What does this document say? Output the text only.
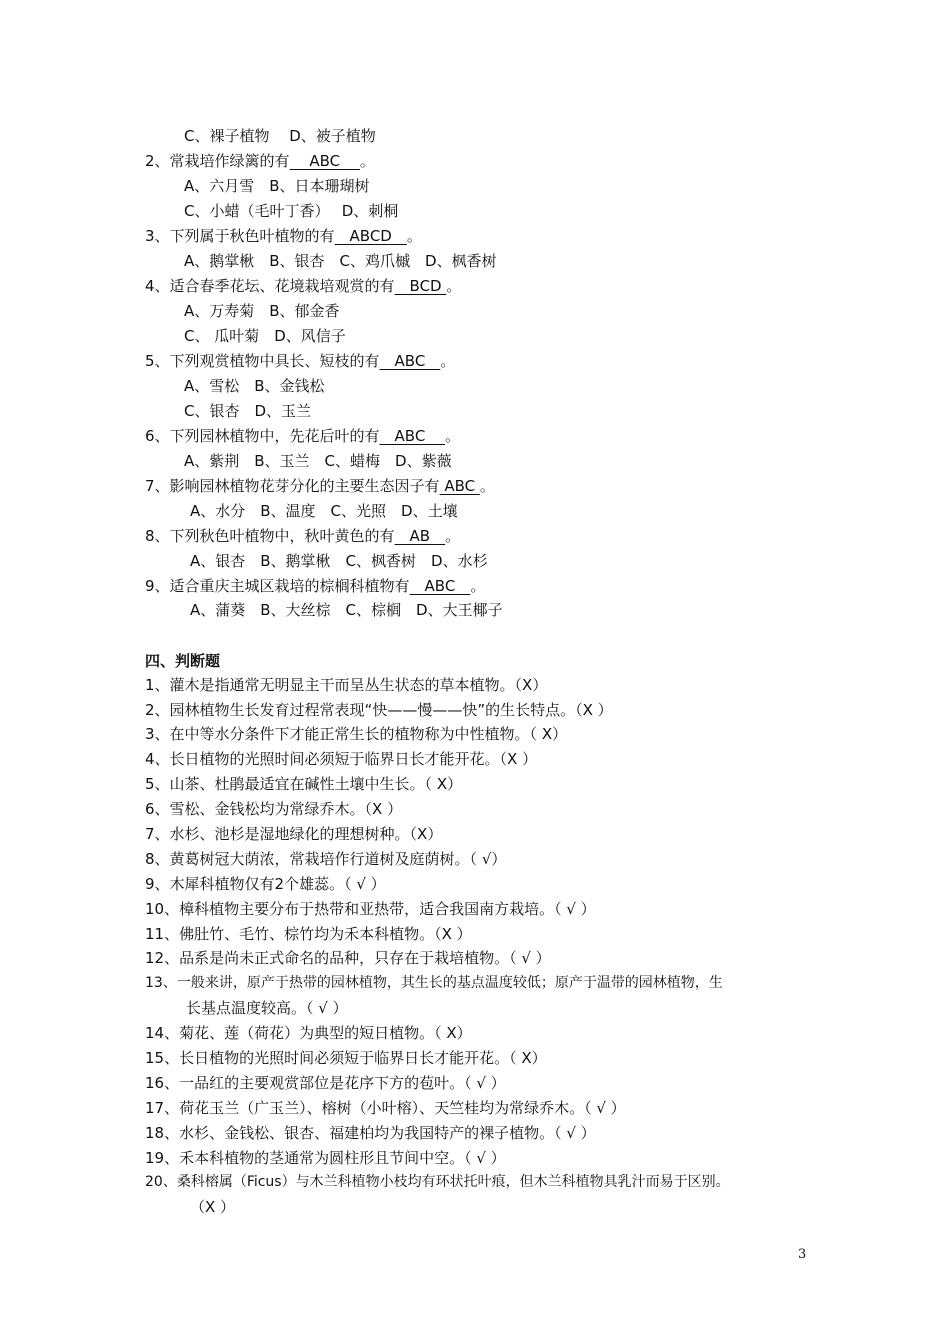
C、裸子植物　 D、被子植物
2、常栽培作绿篱的有　 ABC 　。
A、六月雪　B、日本珊瑚树
C、小蜡（毛叶丁香）　 D、刺桐
3、下列属于秋色叶植物的有　ABCD　。
A、鹅掌楸　B、银杏　C、鸡爪槭　D、枫香树
4、适合春季花坛、花境栽培观赏的有　BCD 。
A、万寿菊　B、郁金香
C、 瓜叶菊　D、风信子
5、下列观赏植物中具长、短枝的有　ABC　。
A、雪松　B、金钱松
C、银杏　D、玉兰
6、下列园林植物中，先花后叶的有　ABC　 。
A、紫荆　B、玉兰　C、蜡梅　D、紫薇
7、影响园林植物花芽分化的主要生态因子有 ABC 。
A、水分　B、温度　C、光照　D、土壤
8、下列秋色叶植物中，秋叶黄色的有　AB　。
A、银杏　B、鹅掌楸　C、枫香树　D、水杉
9、适合重庆主城区栽培的棕榈科植物有　ABC　。
A、蒲葵　B、大丝棕　C、棕榈　D、大王椰子
四、判断题
1、灌木是指通常无明显主干而呈丛生状态的草本植物。（X）
2、园林植物生长发育过程常表现“快——慢——快”的生长特点。（X ）
3、在中等水分条件下才能正常生长的植物称为中性植物。（ X）
4、长日植物的光照时间必须短于临界日长才能开花。（X ）
5、山茶、杜鹃最适宜在碱性土壤中生长。（ X）
6、雪松、金钱松均为常绿乔木。（X ）
7、水杉、池杉是湿地绿化的理想树种。（X）
8、黄葛树冠大荫浓，常栽培作行道树及庭荫树。（ √）
9、木犀科植物仅有2个雄蕊。（ √ ）
10、樟科植物主要分布于热带和亚热带，适合我国南方栽培。（ √ ）
11、佛肚竹、毛竹、棕竹均为禾本科植物。（X ）
12、品系是尚未正式命名的品种，只存在于栽培植物。（ √ ）
13、一般来讲，原产于热带的园林植物，其生长的基点温度较低；原产于温带的园林植物，生
长基点温度较高。（ √ ）
14、菊花、莲（荷花）为典型的短日植物。（ X）
15、长日植物的光照时间必须短于临界日长才能开花。（ X）
16、一品红的主要观赏部位是花序下方的苞叶。（ √ ）
17、荷花玉兰（广玉兰）、榕树（小叶榕）、天竺桂均为常绿乔木。（ √ ）
18、水杉、金钱松、银杏、福建柏均为我国特产的裸子植物。（ √ ）
19、禾本科植物的茎通常为圆柱形且节间中空。（ √ ）
20、桑科榕属（Ficus）与木兰科植物小枝均有环状托叶痕，但木兰科植物具乳汁而易于区别。
（X ）
3
